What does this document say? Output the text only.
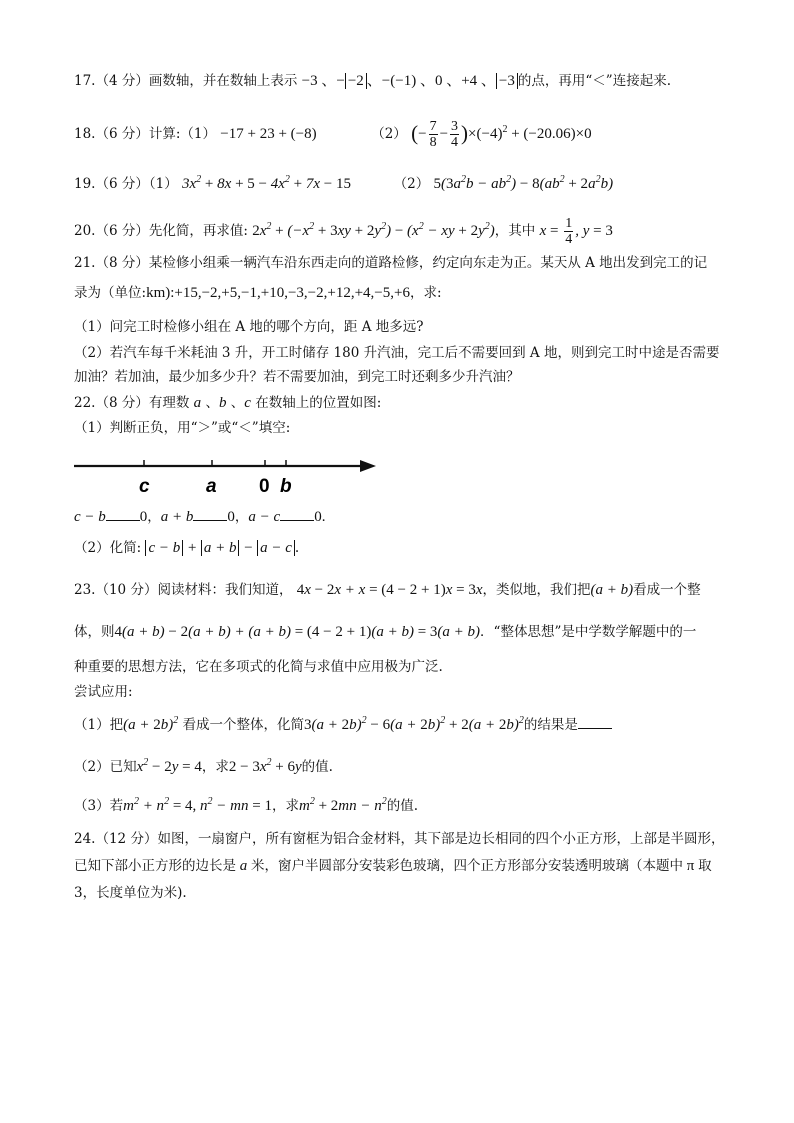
17.（4 分）画数轴，并在数轴上表示 −3 、− −2 、−(−1) 、0 、+4 、 −3 的点，再用“＜”连接起来.
18.（6 分）计算:（1） −17 + 23 + (−8)	（2） (− $\frac{7}{8} - \frac{3}{4} )\times(-4)^2 + (-20.06)\times 0$
19.（6 分）（1） $3x^2 + 8x + 5 - 4x^2 + 7x - 15$	（2） $5(3a^2b - ab^2) - 8(ab^2 + 2a^2b)$
20.（6 分）先化简，再求值: $2x^2 + (-x^2 + 3xy + 2y^2) - (x^2$ − xy + $2y^2$)，其中 $x = \frac{1}{4}$ , y = 3
21.（8 分）某检修小组乘一辆汽车沿东西走向的道路检修，约定向东走为正。某天从 A 地出发到完工的记
录为（单位:km):+15,−2,+5,−1,+10,−3,−2,+12,+4,−5,+6，求:
（1）问完工时检修小组在 A 地的哪个方向，距 A 地多远?
（2）若汽车每千米耗油 3 升，开工时储存 180 升汽油，完工后不需要回到 A 地，则到完工时中途是否需要
加油？若加油，最少加多少升？若不需要加油，到完工时还剩多少升汽油？
22.（8 分）有理数 a 、b 、c 在数轴上的位置如图:
（1）判断正负，用“＞”或“＜”填空:
c	a 0 b
c − b 0，a + b 0，a − c 0.
（2）化简: c − b + a + b − a − c .
23.（10 分）阅读材料：我们知道， 4x − 2x + x = (4 − 2 + 1)x = 3x，类似地，我们把(a + b)看成一个整
体，则4(a + b) − 2(a + b) + (a + b) = (4 − 2 + 1)(a + b) = 3(a + b)．“整体思想”是中学数学解题中的一
种重要的思想方法，它在多项式的化简与求值中应用极为广泛.
尝试应用:
（1）把$(a + 2b)^2$ 看成一个整体，化简$3(a + 2b)^2 - 6(a + 2b)^2 + 2(a + 2b)^2$的结果是
（2）已知$x^2 - 2y = 4$，求$2 - 3x^2 + 6y$的值.
（3）若$m^2 + n^2 = 4$, $n^2$ − mn = 1，求$m^2 + 2mn - n^2$的值.
24.（12 分）如图，一扇窗户，所有窗框为铝合金材料，其下部是边长相同的四个小正方形，上部是半圆形，
已知下部小正方形的边长是 a 米，窗户半圆部分安装彩色玻璃，四个正方形部分安装透明玻璃（本题中 π 取
3，长度单位为米).
